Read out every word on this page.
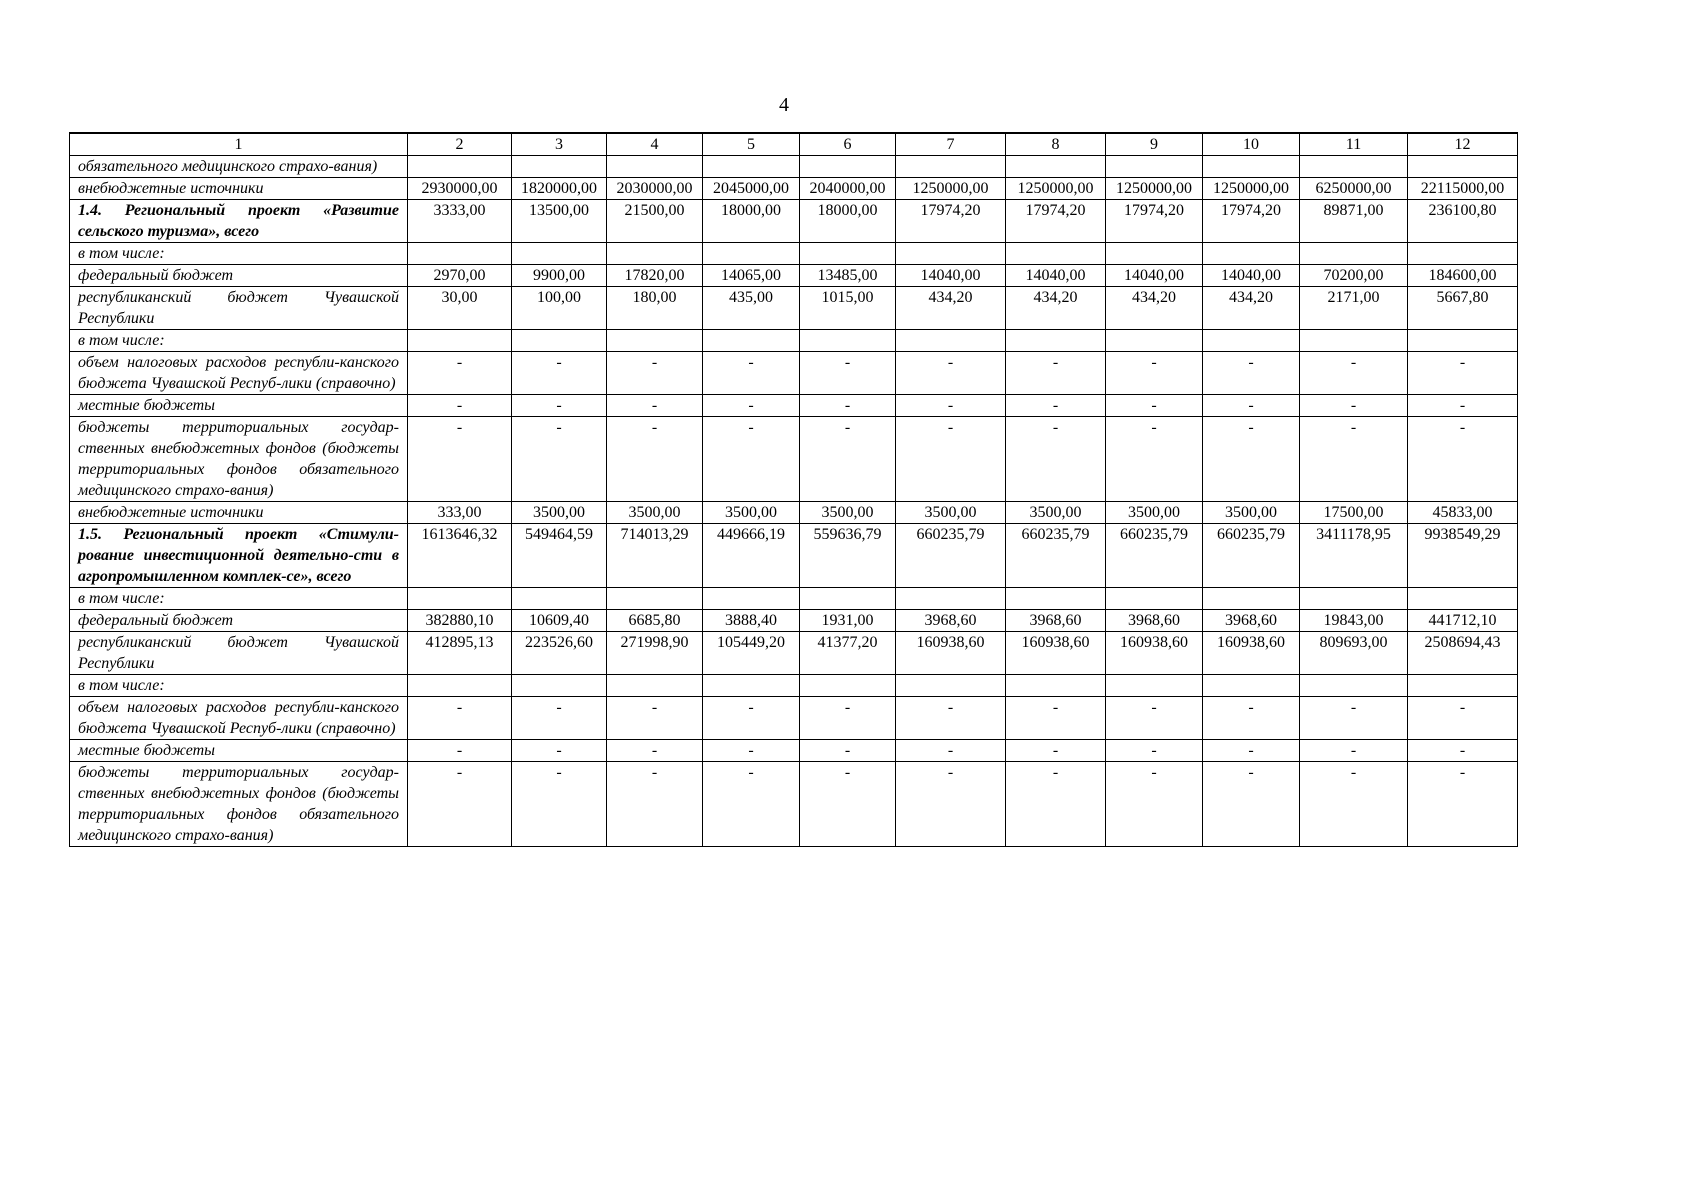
4
1	2	3	4	5	6	7	8	9	10	11	12
обязательного медицинского страхо-вания)											
внебюджетные источники	2930000,00	1820000,00	2030000,00	2045000,00	2040000,00	1250000,00	1250000,00	1250000,00	1250000,00	6250000,00	22115000,00
1.4. Региональный проект «Развитие сельского туризма», всего	3333,00	13500,00	21500,00	18000,00	18000,00	17974,20	17974,20	17974,20	17974,20	89871,00	236100,80
в том числе:											
федеральный бюджет	2970,00	9900,00	17820,00	14065,00	13485,00	14040,00	14040,00	14040,00	14040,00	70200,00	184600,00
республиканский бюджет Чувашской Республики	30,00	100,00	180,00	435,00	1015,00	434,20	434,20	434,20	434,20	2171,00	5667,80
в том числе:											
объем налоговых расходов республи-канского бюджета Чувашской Респуб-лики (справочно)	-	-	-	-	-	-	-	-	-	-	-
местные бюджеты	-	-	-	-	-	-	-	-	-	-	-
бюджеты территориальных государ-ственных внебюджетных фондов (бюджеты территориальных фондов обязательного медицинского страхо-вания)	-	-	-	-	-	-	-	-	-	-	-
внебюджетные источники	333,00	3500,00	3500,00	3500,00	3500,00	3500,00	3500,00	3500,00	3500,00	17500,00	45833,00
1.5. Региональный проект «Стимули-рование инвестиционной деятельно-сти в агропромышленном комплек-се», всего	1613646,32	549464,59	714013,29	449666,19	559636,79	660235,79	660235,79	660235,79	660235,79	3411178,95	9938549,29
в том числе:											
федеральный бюджет	382880,10	10609,40	6685,80	3888,40	1931,00	3968,60	3968,60	3968,60	3968,60	19843,00	441712,10
республиканский бюджет Чувашской Республики	412895,13	223526,60	271998,90	105449,20	41377,20	160938,60	160938,60	160938,60	160938,60	809693,00	2508694,43
в том числе:											
объем налоговых расходов республи-канского бюджета Чувашской Респуб-лики (справочно)	-	-	-	-	-	-	-	-	-	-	-
местные бюджеты	-	-	-	-	-	-	-	-	-	-	-
бюджеты территориальных государ-ственных внебюджетных фондов (бюджеты территориальных фондов обязательного медицинского страхо-вания)	-	-	-	-	-	-	-	-	-	-	-
